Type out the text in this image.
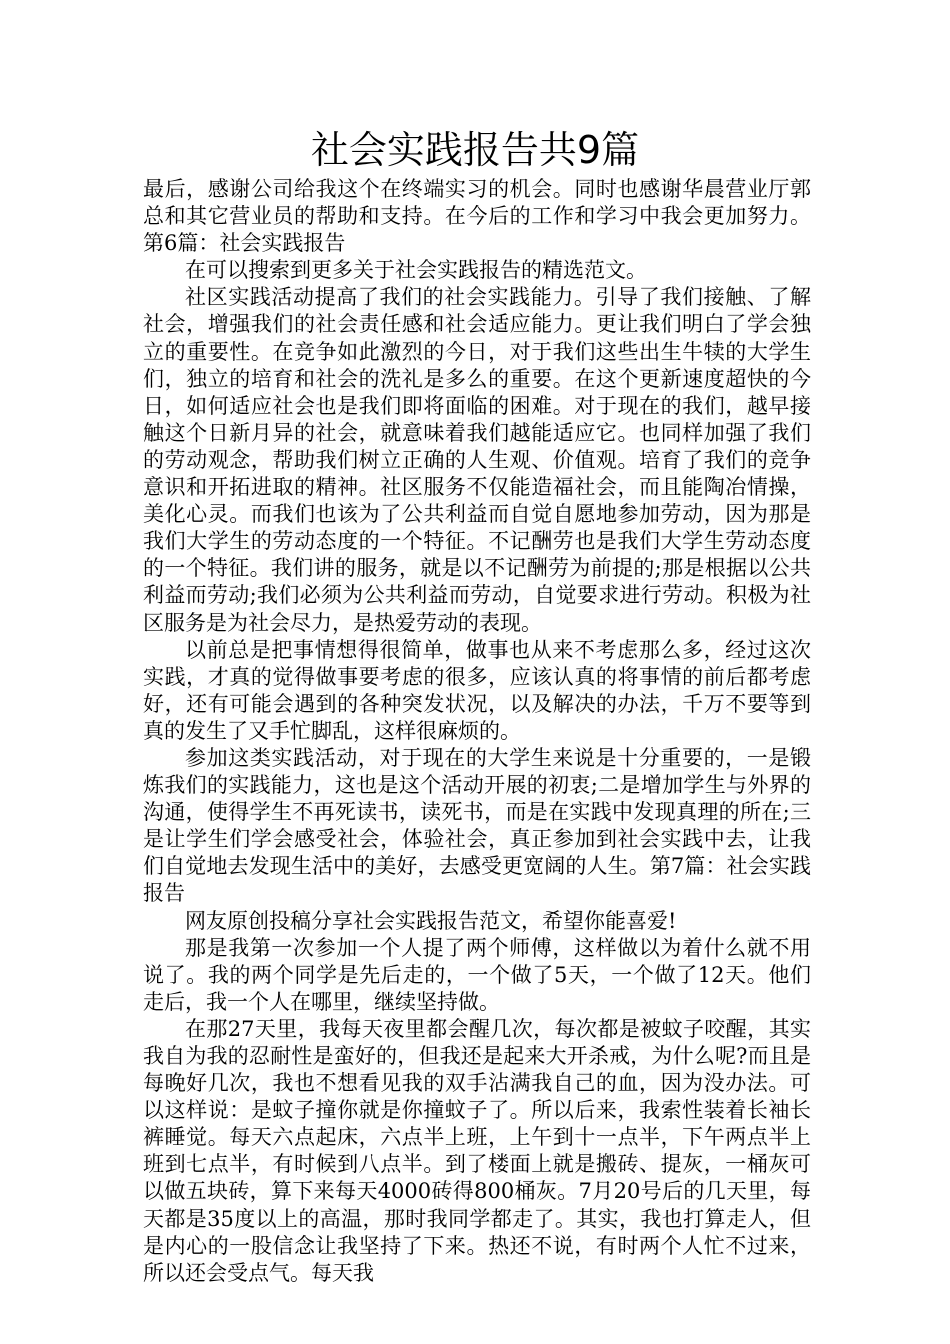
社会实践报告共9篇

最后，感谢公司给我这个在终端实习的机会。同时也感谢华晨营业厅郭总和其它营业员的帮助和支持。在今后的工作和学习中我会更加努力。第6篇：社会实践报告

在可以搜索到更多关于社会实践报告的精选范文。

社区实践活动提高了我们的社会实践能力。引导了我们接触、了解社会，增强我们的社会责任感和社会适应能力。更让我们明白了学会独立的重要性。在竞争如此激烈的今日，对于我们这些出生牛犊的大学生们，独立的培育和社会的洗礼是多么的重要。在这个更新速度超快的今日，如何适应社会也是我们即将面临的困难。对于现在的我们，越早接触这个日新月异的社会，就意味着我们越能适应它。也同样加强了我们的劳动观念，帮助我们树立正确的人生观、价值观。培育了我们的竞争意识和开拓进取的精神。社区服务不仅能造福社会，而且能陶冶情操，美化心灵。而我们也该为了公共利益而自觉自愿地参加劳动，因为那是我们大学生的劳动态度的一个特征。不记酬劳也是我们大学生劳动态度的一个特征。我们讲的服务，就是以不记酬劳为前提的;那是根据以公共利益而劳动;我们必须为公共利益而劳动，自觉要求进行劳动。积极为社区服务是为社会尽力，是热爱劳动的表现。

以前总是把事情想得很简单，做事也从来不考虑那么多，经过这次实践，才真的觉得做事要考虑的很多，应该认真的将事情的前后都考虑好，还有可能会遇到的各种突发状况，以及解决的办法，千万不要等到真的发生了又手忙脚乱，这样很麻烦的。

参加这类实践活动，对于现在的大学生来说是十分重要的，一是锻炼我们的实践能力，这也是这个活动开展的初衷;二是增加学生与外界的沟通，使得学生不再死读书，读死书，而是在实践中发现真理的所在;三是让学生们学会感受社会，体验社会，真正参加到社会实践中去，让我们自觉地去发现生活中的美好，去感受更宽阔的人生。第7篇：社会实践报告

网友原创投稿分享社会实践报告范文，希望你能喜爱!

那是我第一次参加一个人提了两个师傅，这样做以为着什么就不用说了。我的两个同学是先后走的，一个做了5天，一个做了12天。他们走后，我一个人在哪里，继续坚持做。

在那27天里，我每天夜里都会醒几次，每次都是被蚊子咬醒，其实我自为我的忍耐性是蛮好的，但我还是起来大开杀戒，为什么呢?而且是每晚好几次，我也不想看见我的双手沾满我自己的血，因为没办法。可以这样说：是蚊子撞你就是你撞蚊子了。所以后来，我索性装着长袖长裤睡觉。每天六点起床，六点半上班，上午到十一点半，下午两点半上班到七点半，有时候到八点半。到了楼面上就是搬砖、提灰，一桶灰可以做五块砖，算下来每天4000砖得800桶灰。7月20号后的几天里，每天都是35度以上的高温，那时我同学都走了。其实，我也打算走人，但是内心的一股信念让我坚持了下来。热还不说，有时两个人忙不过来，所以还会受点气。每天我
